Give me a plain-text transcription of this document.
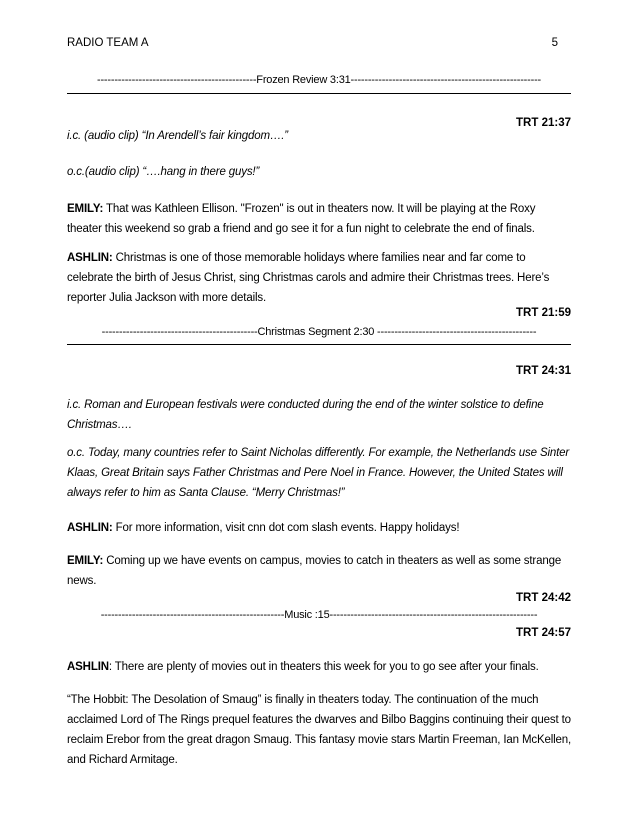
RADIO TEAM A	5
----------------------------------------------Frozen Review 3:31-------------------------------------------------------
TRT 21:37
i.c. (audio clip) “In Arendell’s fair kingdom….”
o.c.(audio clip) “….hang in there guys!”
EMILY: That was Kathleen Ellison. "Frozen" is out in theaters now. It will be playing at the Roxy theater this weekend so grab a friend and go see it for a fun night to celebrate the end of finals.
ASHLIN: Christmas is one of those memorable holidays where families near and far come to celebrate the birth of Jesus Christ, sing Christmas carols and admire their Christmas trees. Here’s reporter Julia Jackson with more details.
TRT 21:59
---------------------------------------------Christmas Segment 2:30 ----------------------------------------------
TRT 24:31
i.c. Roman and European festivals were conducted during the end of the winter solstice to define Christmas….
o.c. Today, many countries refer to Saint Nicholas differently. For example, the Netherlands use Sinter Klaas, Great Britain says Father Christmas and Pere Noel in France. However, the United States will always refer to him as Santa Clause. “Merry Christmas!”
ASHLIN: For more information, visit cnn dot com slash events. Happy holidays!
EMILY: Coming up we have events on campus, movies to catch in theaters as well as some strange news.
TRT 24:42
-----------------------------------------------------Music :15------------------------------------------------------------
TRT 24:57
ASHLIN: There are plenty of movies out in theaters this week for you to go see after your finals.
“The Hobbit: The Desolation of Smaug” is finally in theaters today. The continuation of the much acclaimed Lord of The Rings prequel features the dwarves and Bilbo Baggins continuing their quest to reclaim Erebor from the great dragon Smaug. This fantasy movie stars Martin Freeman, Ian McKellen, and Richard Armitage.
